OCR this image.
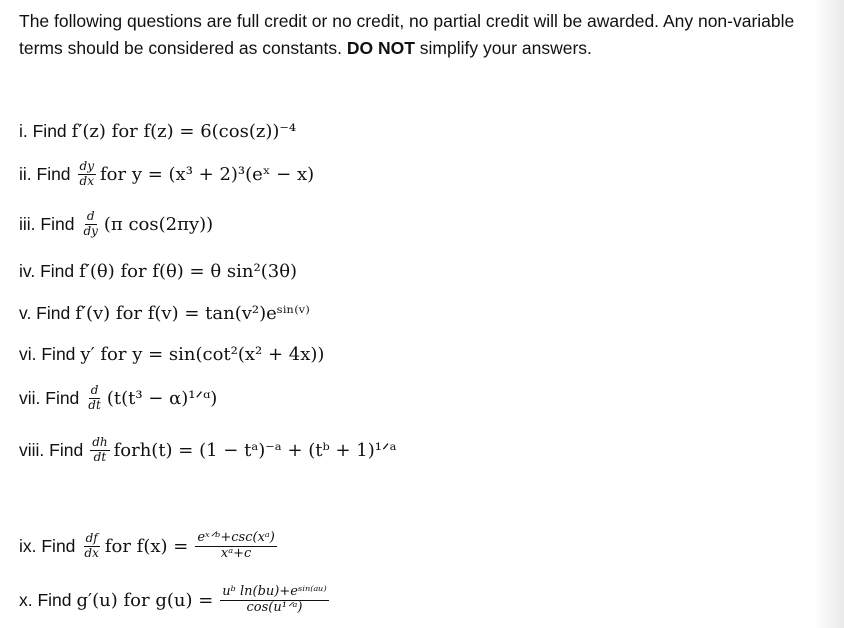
The following questions are full credit or no credit, no partial credit will be awarded. Any non-variable
terms should be considered as constants. DO NOT simplify your answers.

i. Find f′(z) for f(z) = 6(cos(z))⁻⁴
ii. Find $\frac{dy}{dx}$ for y = (x³ + 2)³(eˣ − x)
iii. Find $\frac{d}{dy} (\pi$ cos(2πy))
iv. Find f′(θ) for f(θ) = θ sin²(3θ)
v. Find f′(v) for f(v) = tan(v²)eˢⁱⁿ⁽ᵛ⁾
vi. Find y′ for y = sin(cot²(x² + 4x))
vii. Find $\frac{d}{dt} (t(t^3$ − α)¹ᐟᵅ)
viii. Find $\frac{dh}{dt}$ forh(t) = (1 − tᵃ)⁻ᵃ + (tᵇ + 1)¹ᐟᵃ
ix. Find $\frac{df}{dx}$ for $f(x) = \frac{\text{eˣᐟᵇ+csc(xᵃ)}}{\text{xᵃ+c}}$
x. Find g′(u) for $g(u) = \frac{\text{uᵇ ln(bu)+eˢⁱⁿ⁽ᵃᵘ⁾}}{\text{cos(u¹ᐟᵃ)}}$
